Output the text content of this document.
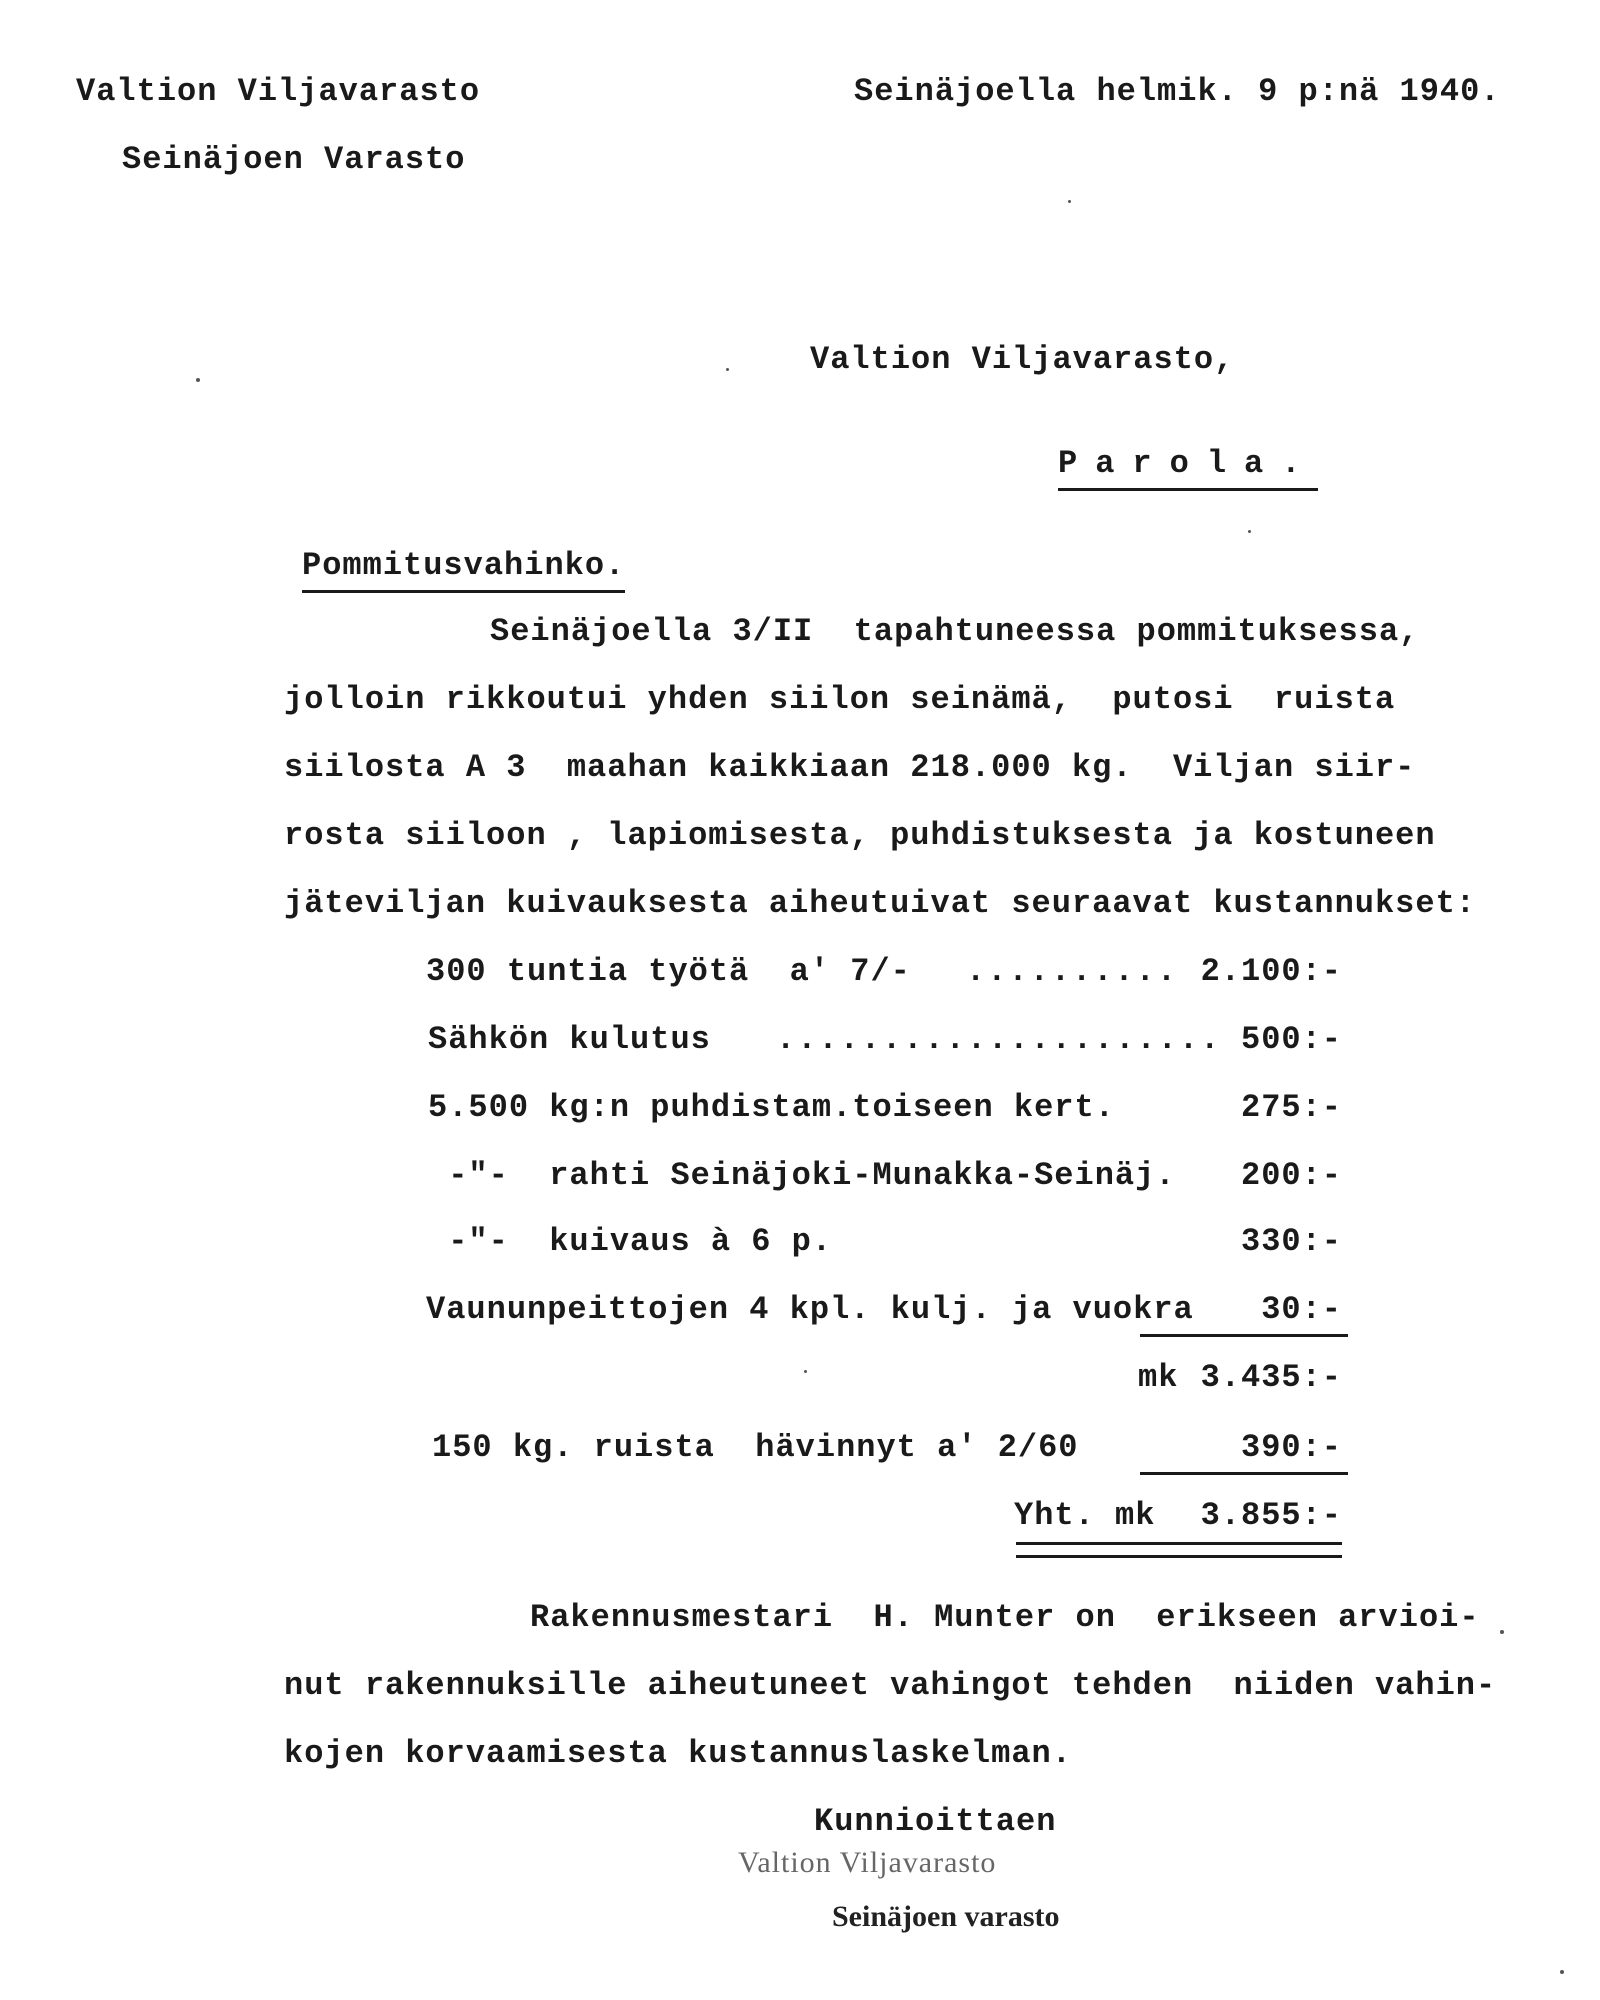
Valtion Viljavarasto
Seinäjoen Varasto
Seinäjoella helmik. 9 p:nä 1940.
Valtion Viljavarasto,
Parola.
Pommitusvahinko.
Seinäjoella 3/II  tapahtuneessa pommituksessa,
jolloin rikkoutui yhden siilon seinämä,  putosi  ruista
siilosta A 3  maahan kaikkiaan 218.000 kg.  Viljan siir-
rosta siiloon , lapiomisesta, puhdistuksesta ja kostuneen
jäteviljan kuivauksesta aiheutuivat seuraavat kustannukset:
300 tuntia työtä  a' 7/- .......... 2.100:-
Sähkön kulutus ..................... 500:-
5.500 kg:n puhdistam.toiseen kert.	275:-
-"-  rahti Seinäjoki-Munakka-Seinäj. 200:-
-"-  kuivaus à 6 p.	330:-
Vaununpeittojen 4 kpl. kulj. ja vuokra 30:-
mk 3.435:-
150 kg. ruista  hävinnyt a' 2/60	390:-
Yht. mk 3.855:-
Rakennusmestari  H. Munter on  erikseen arvioi-
nut rakennuksille aiheutuneet vahingot tehden  niiden vahin-
kojen korvaamisesta kustannuslaskelman.
Kunnioittaen
Valtion Viljavarasto
Seinäjoen varasto
